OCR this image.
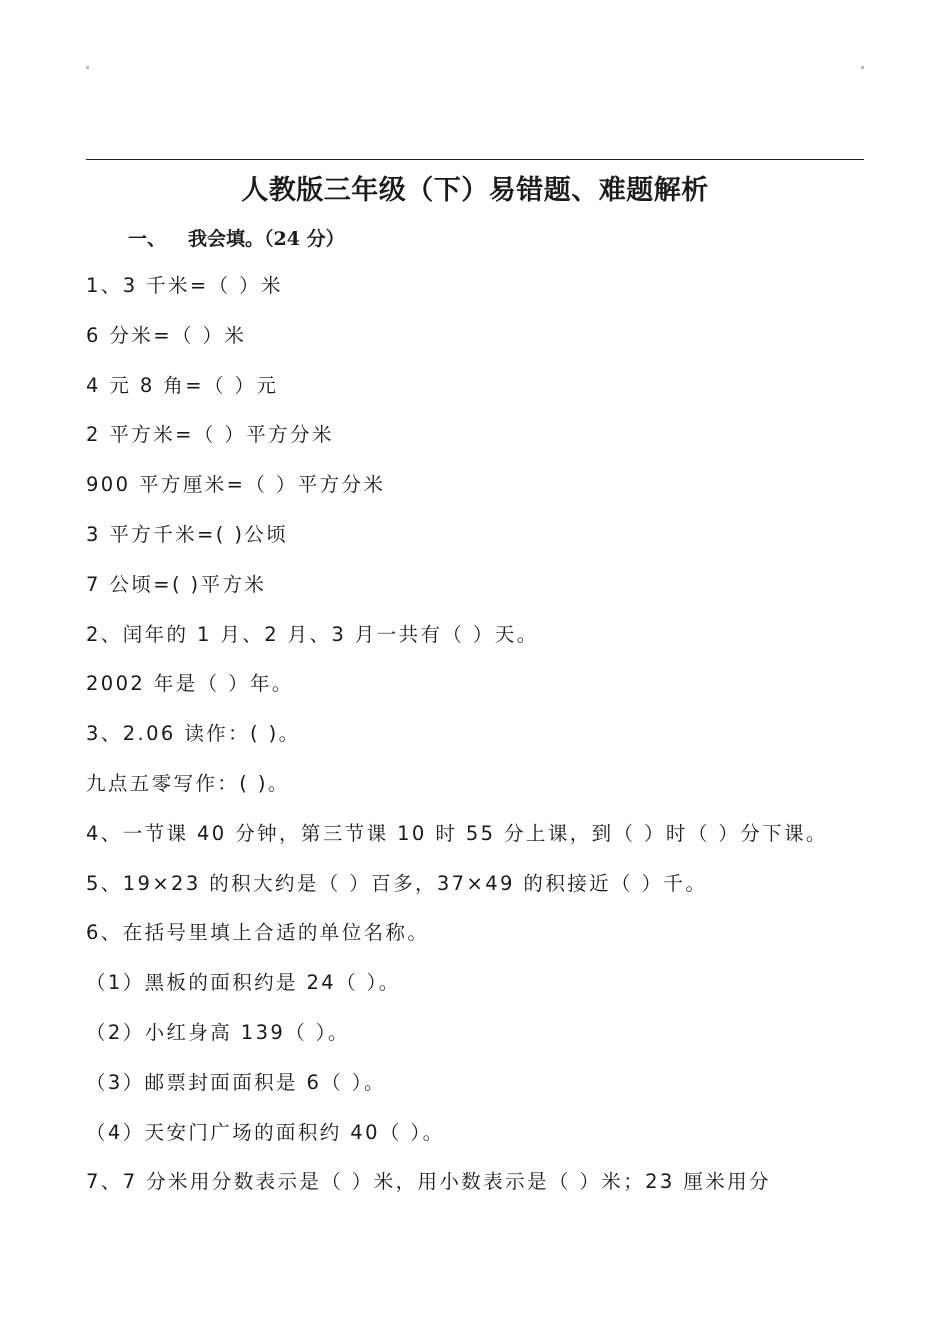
人教版三年级（下）易错题、难题解析
一、 我会填。（24 分）
1、3 千米=（ ）米
6 分米=（ ）米
4 元 8 角=（ ）元
2 平方米=（ ）平方分米
900 平方厘米=（ ）平方分米
3 平方千米=( )公顷
7 公顷=( )平方米
2、闰年的 1 月、2 月、3 月一共有（ ）天。
2002 年是（ ）年。
3、2.06 读作：( )。
九点五零写作：( )。
4、一节课 40 分钟，第三节课 10 时 55 分上课，到（ ）时（ ）分下课。
5、19×23 的积大约是（ ）百多，37×49 的积接近（ ）千。
6、在括号里填上合适的单位名称。
（1）黑板的面积约是 24（ ）。
（2）小红身高 139（ ）。
（3）邮票封面面积是 6（ ）。
（4）天安门广场的面积约 40（ ）。
7、7 分米用分数表示是（ ）米，用小数表示是（ ）米；23 厘米用分
